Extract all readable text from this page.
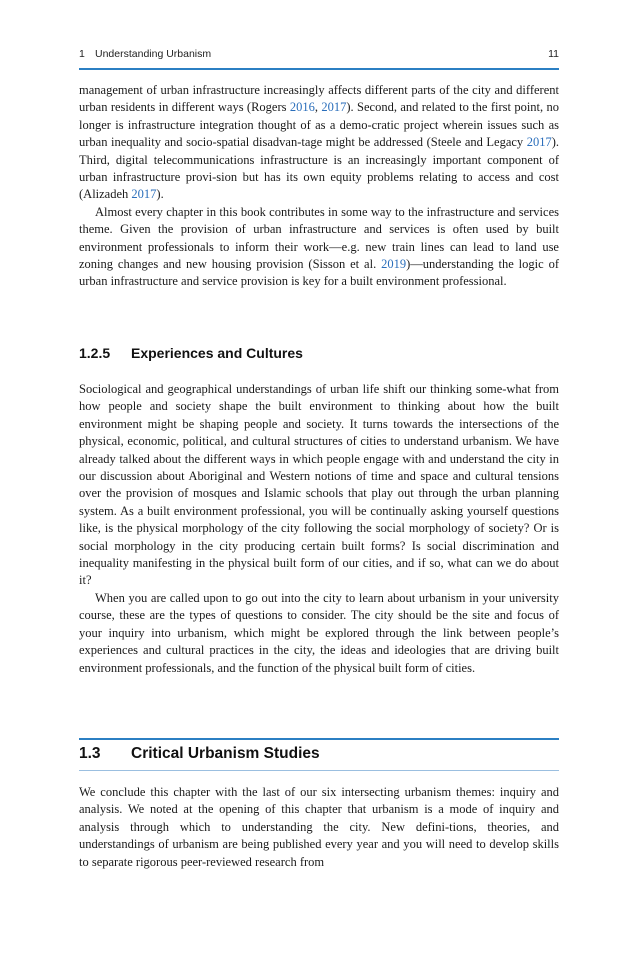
1 Understanding Urbanism	11

management of urban infrastructure increasingly affects different parts of the city and different urban residents in different ways (Rogers 2016, 2017). Second, and related to the first point, no longer is infrastructure integration thought of as a demo-cratic project wherein issues such as urban inequality and socio-spatial disadvan-tage might be addressed (Steele and Legacy 2017). Third, digital telecommunications infrastructure is an increasingly important component of urban infrastructure provi-sion but has its own equity problems relating to access and cost (Alizadeh 2017).

Almost every chapter in this book contributes in some way to the infrastructure and services theme. Given the provision of urban infrastructure and services is often used by built environment professionals to inform their work—e.g. new train lines can lead to land use zoning changes and new housing provision (Sisson et al. 2019)—understanding the logic of urban infrastructure and service provision is key for a built environment professional.

1.2.5 Experiences and Cultures

Sociological and geographical understandings of urban life shift our thinking some-what from how people and society shape the built environment to thinking about how the built environment might be shaping people and society. It turns towards the intersections of the physical, economic, political, and cultural structures of cities to understand urbanism. We have already talked about the different ways in which people engage with and understand the city in our discussion about Aboriginal and Western notions of time and space and cultural tensions over the provision of mosques and Islamic schools that play out through the urban planning system. As a built environment professional, you will be continually asking yourself questions like, is the physical morphology of the city following the social morphology of society? Or is social morphology in the city producing certain built forms? Is social discrimination and inequality manifesting in the physical built form of our cities, and if so, what can we do about it?

When you are called upon to go out into the city to learn about urbanism in your university course, these are the types of questions to consider. The city should be the site and focus of your inquiry into urbanism, which might be explored through the link between people’s experiences and cultural practices in the city, the ideas and ideologies that are driving built environment professionals, and the function of the physical built form of cities.

1.3 Critical Urbanism Studies

We conclude this chapter with the last of our six intersecting urbanism themes: inquiry and analysis. We noted at the opening of this chapter that urbanism is a mode of inquiry and analysis through which to understanding the city. New defini-tions, theories, and understandings of urbanism are being published every year and you will need to develop skills to separate rigorous peer-reviewed research from
